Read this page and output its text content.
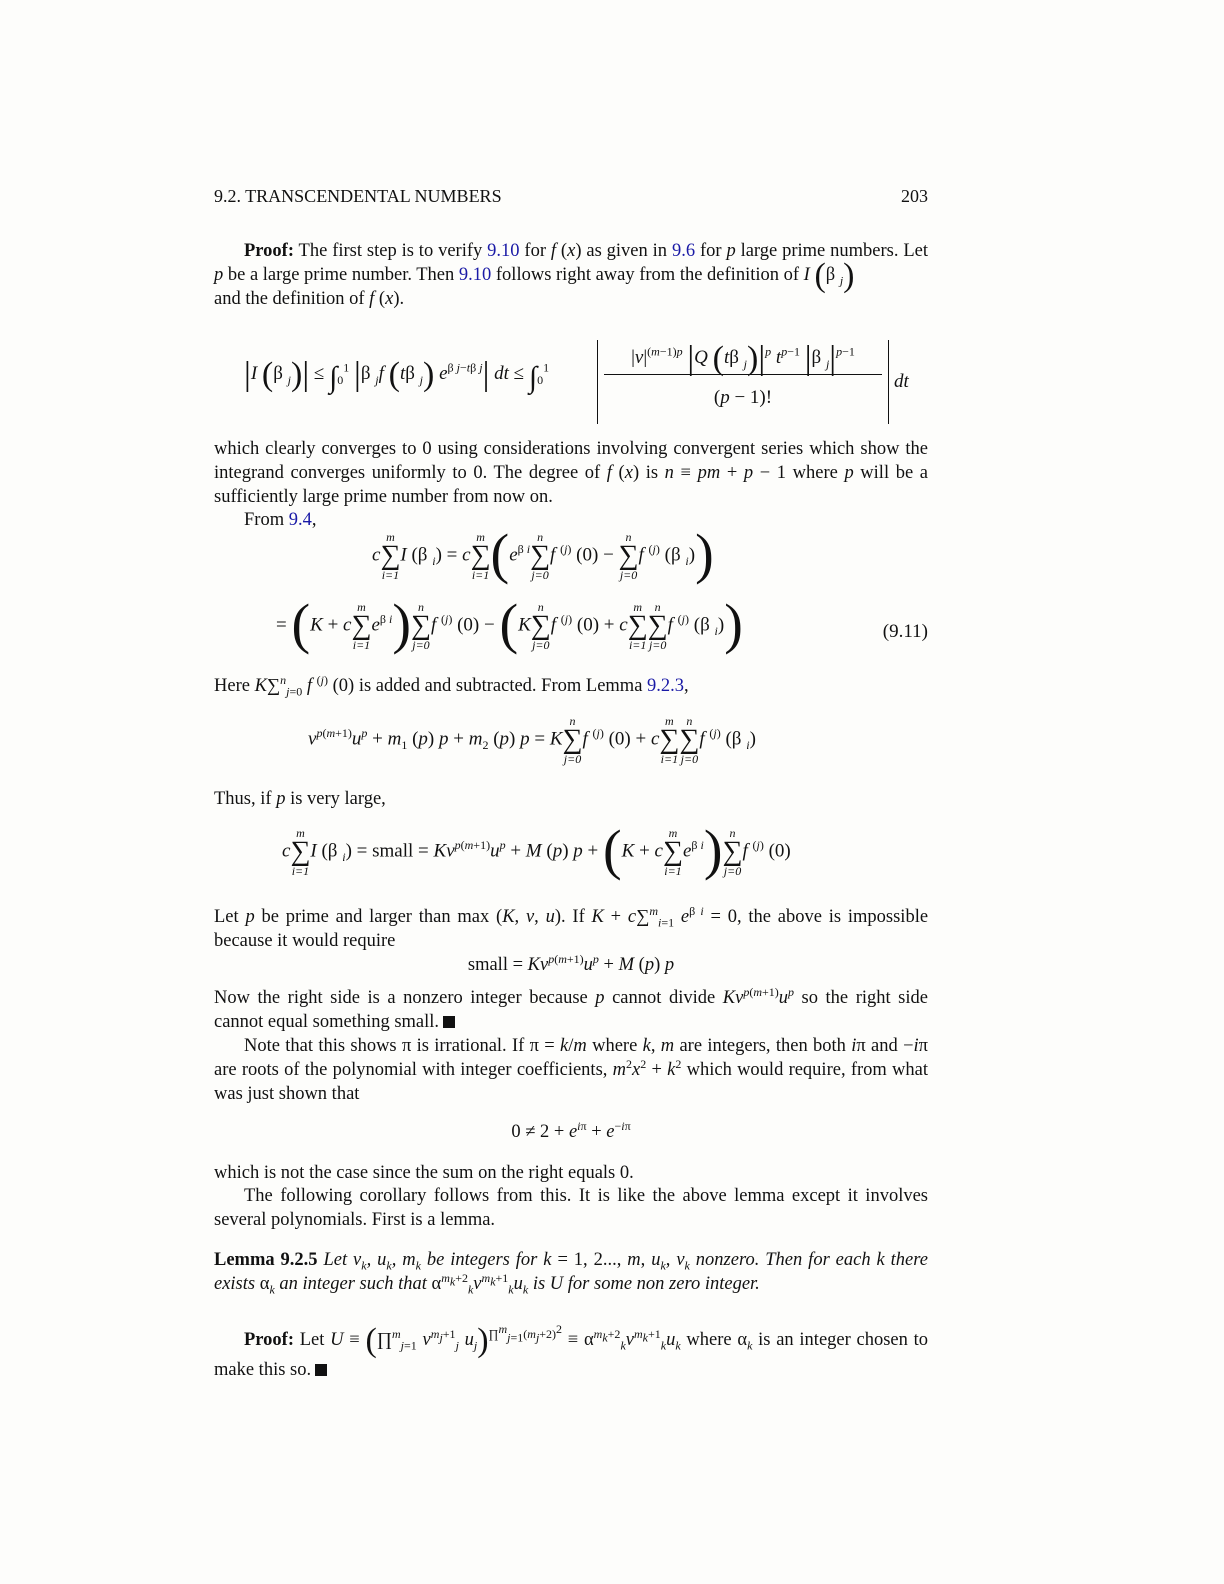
9.2. TRANSCENDENTAL NUMBERS	203
Proof: The first step is to verify 9.10 for f (x) as given in 9.6 for p large prime numbers. Let p be a large prime number. Then 9.10 follows right away from the definition of I (β $_j$)
and the definition of f (x).
|I (β $_j)| \le \int_0^1$ |β $_j$f (tβ $_j$) $e^{\beta j-t\beta j}|$ dt ≤ $\int_0^1$	$|v|^{(m-1)p}$ |Q (tβ $_j)|^p$ $t^{p-1}$ |β $_j|^{p-1}$
(p − 1)!
dt
which clearly converges to 0 using considerations involving convergent series which show the integrand converges uniformly to 0. The degree of f (x) is n ≡ pm + p − 1 where p will be a sufficiently large prime number from now on.
From 9.4,
c
m
∑
i=1
I (β $_i$) = c
m
∑
i=1 ($e^{\beta i}$
n
∑
j=0
f $^{(j)}$ (0) −
n
∑
j=0
f $^{(j)}$ (β $_i$))
= (K + c
m
∑
i=1
$e^{\beta i}$) n
∑
j=0
f $^{(j)}$ (0) − (K
n
∑
j=0
f $^{(j)}$ (0) + c
m
∑
i=1
n
∑
j=0
f $^{(j)}$ (β $_i$))	(9.11)
Here K∑$^n_{j=0}$ f $^{(j)}$ (0) is added and subtracted. From Lemma 9.2.3,
$v^{p(m+1)}u^p + m_1$ (p) $p + m_2$ (p) p = K
n
∑
j=0
f $^{(j)}$ (0) + c
m
∑
i=1
n
∑
j=0
f $^{(j)}$ (β $_i$)
Thus, if p is very large,
c
m
∑
i=1
I (β $_i$) = small = $Kv^{p(m+1)}u^p + M$ (p) p + (K + c
m
∑
i=1
$e^{\beta i}$) n
∑
j=0
f $^{(j)}$ (0)
Let p be prime and larger than max (K, v, u). If K + c∑$^m_{i=1}$ $e^{\beta i} = 0$, the above is impossible because it would require
small = $Kv^{p(m+1)}u^p + M$ (p) p
Now the right side is a nonzero integer because p cannot divide $Kv^{p(m+1)}u^p$ so the right side cannot equal something small.
Note that this shows π is irrational. If π = k/m where k, m are integers, then both iπ and −iπ are roots of the polynomial with integer coefficients, $m^2x^2 + k^2$ which would require, from what was just shown that
$0 \ne 2 + e^{i\pi} + e^{-i\pi}$
which is not the case since the sum on the right equals 0.
The following corollary follows from this. It is like the above lemma except it involves several polynomials. First is a lemma.
Lemma 9.2.5 Let $v_k$, $u_k$, $m_k$ be integers for k = 1, 2..., m, $u_k$, $v_k$ nonzero. Then for each k there exists $\alpha_k$ an integer such that $\alpha^{m_k+2}_kv^{m_k+1}_ku_k$ is U for some non zero integer.
Proof: Let U ≡ (∏$^m_{j=1}$ $v^{m_j+1}_j$ $u_j)^{\prod^m_{j=1}(m_j+2)^2} \equiv \alpha^{m_k+2}_kv^{m_k+1}_ku_k$ where $\alpha_k$ is an integer chosen to make this so.
